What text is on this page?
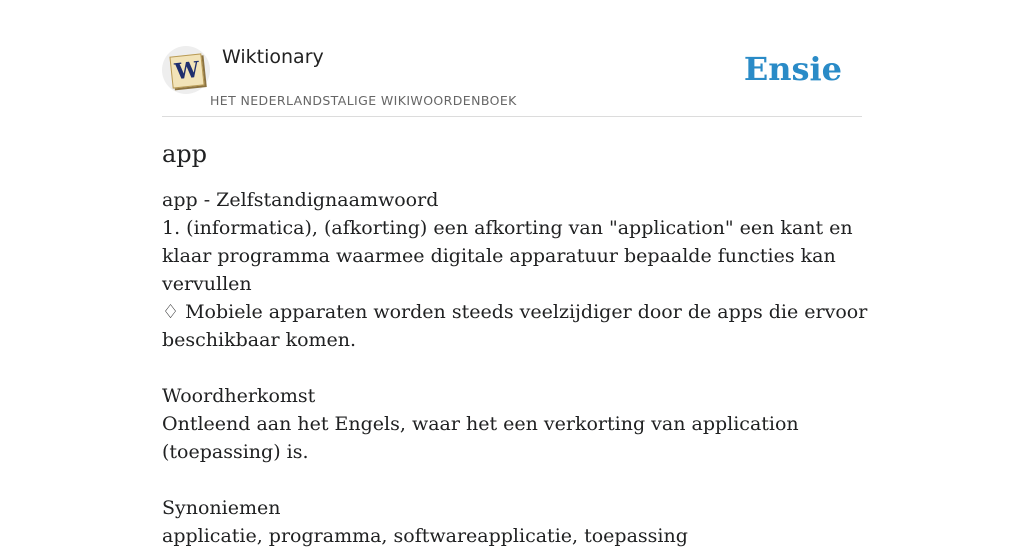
W Wiktionary
HET NEDERLANDSTALIGE WIKIWOORDENBOEK
Ensie
app
app - Zelfstandignaamwoord
1. (informatica), (afkorting) een afkorting van "application" een kant en klaar programma waarmee digitale apparatuur bepaalde functies kan vervullen
♢ Mobiele apparaten worden steeds veelzijdiger door de apps die ervoor beschikbaar komen.
Woordherkomst
Ontleend aan het Engels, waar het een verkorting van application (toepassing) is.
Synoniemen
applicatie, programma, softwareapplicatie, toepassing
